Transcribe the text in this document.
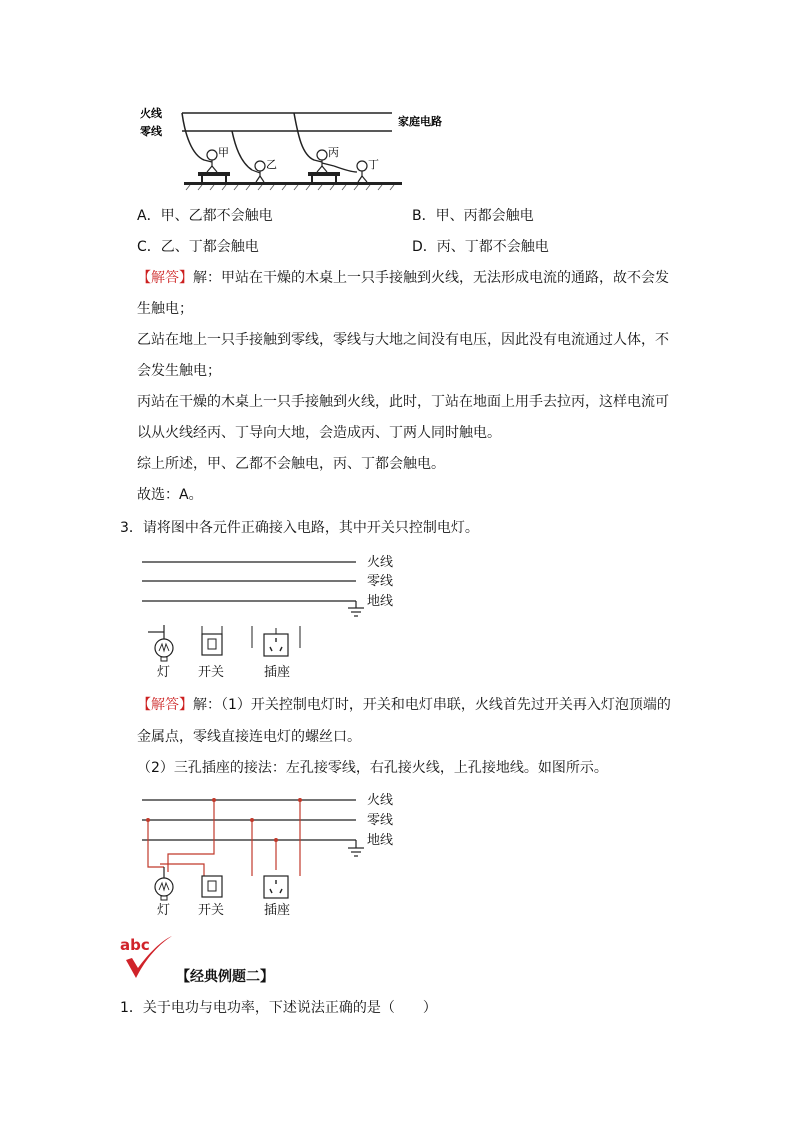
火线
零线
家庭电路
甲
乙
丙
丁
A．甲、乙都不会触电	B．甲、丙都会触电
C．乙、丁都会触电	D．丙、丁都不会触电
【解答】解：甲站在干燥的木桌上一只手接触到火线，无法形成电流的通路，故不会发
生触电；
乙站在地上一只手接触到零线，零线与大地之间没有电压，因此没有电流通过人体，不
会发生触电；
丙站在干燥的木桌上一只手接触到火线，此时，丁站在地面上用手去拉丙，这样电流可
以从火线经丙、丁导向大地，会造成丙、丁两人同时触电。
综上所述，甲、乙都不会触电，丙、丁都会触电。
故选：A。
3．请将图中各元件正确接入电路，其中开关只控制电灯。
火线
零线
地线
灯 开关	插座
【解答】解：（1）开关控制电灯时，开关和电灯串联，火线首先过开关再入灯泡顶端的
金属点，零线直接连电灯的螺丝口。
（2）三孔插座的接法：左孔接零线，右孔接火线，上孔接地线。如图所示。
火线
零线
地线
灯 开关	插座
abc
【经典例题二】
1．关于电功与电功率，下述说法正确的是（　　）
